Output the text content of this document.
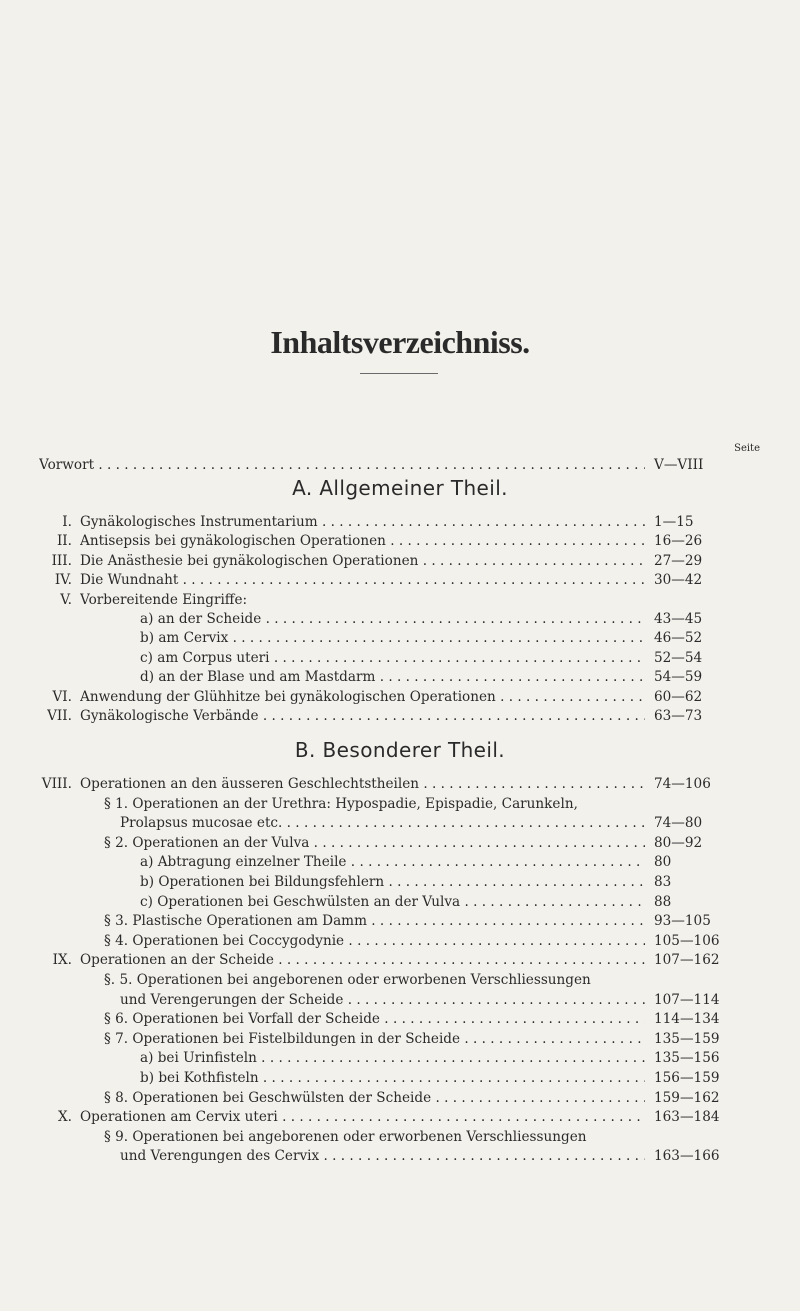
Inhaltsverzeichniss.
Seite
Vorwort . . .	V—VIII
A. Allgemeiner Theil.
I. Gynäkologisches Instrumentarium . . .	1—15
II. Antisepsis bei gynäkologischen Operationen . . .	16—26
III. Die Anästhesie bei gynäkologischen Operationen . . .	27—29
IV. Die Wundnaht . . .	30—42
V. Vorbereitende Eingriffe:
a) an der Scheide . . .	43—45
b) am Cervix . . .	46—52
c) am Corpus uteri . . .	52—54
d) an der Blase und am Mastdarm . . .	54—59
VI. Anwendung der Glühhitze bei gynäkologischen Operationen . . .	60—62
VII. Gynäkologische Verbände . . .	63—73
B. Besonderer Theil.
VIII. Operationen an den äusseren Geschlechtstheilen . . .	74—106
§ 1. Operationen an der Urethra: Hypospadie, Epispadie, Carunkeln,
Prolapsus mucosae etc. . . .	74—80
§ 2. Operationen an der Vulva . . .	80—92
a) Abtragung einzelner Theile . . .	80
b) Operationen bei Bildungsfehlern . . .	83
c) Operationen bei Geschwülsten an der Vulva . . .	88
§ 3. Plastische Operationen am Damm . . .	93—105
§ 4. Operationen bei Coccygodynie . . .	105—106
IX. Operationen an der Scheide . . .	107—162
§. 5. Operationen bei angeborenen oder erworbenen Verschliessungen
und Verengerungen der Scheide . . .	107—114
§ 6. Operationen bei Vorfall der Scheide . . .	114—134
§ 7. Operationen bei Fistelbildungen in der Scheide . . .	135—159
a) bei Urinfisteln . . .	135—156
b) bei Kothfisteln . . .	156—159
§ 8. Operationen bei Geschwülsten der Scheide . . .	159—162
X. Operationen am Cervix uteri . . .	163—184
§ 9. Operationen bei angeborenen oder erworbenen Verschliessungen
und Verengungen des Cervix . . .	163—166
